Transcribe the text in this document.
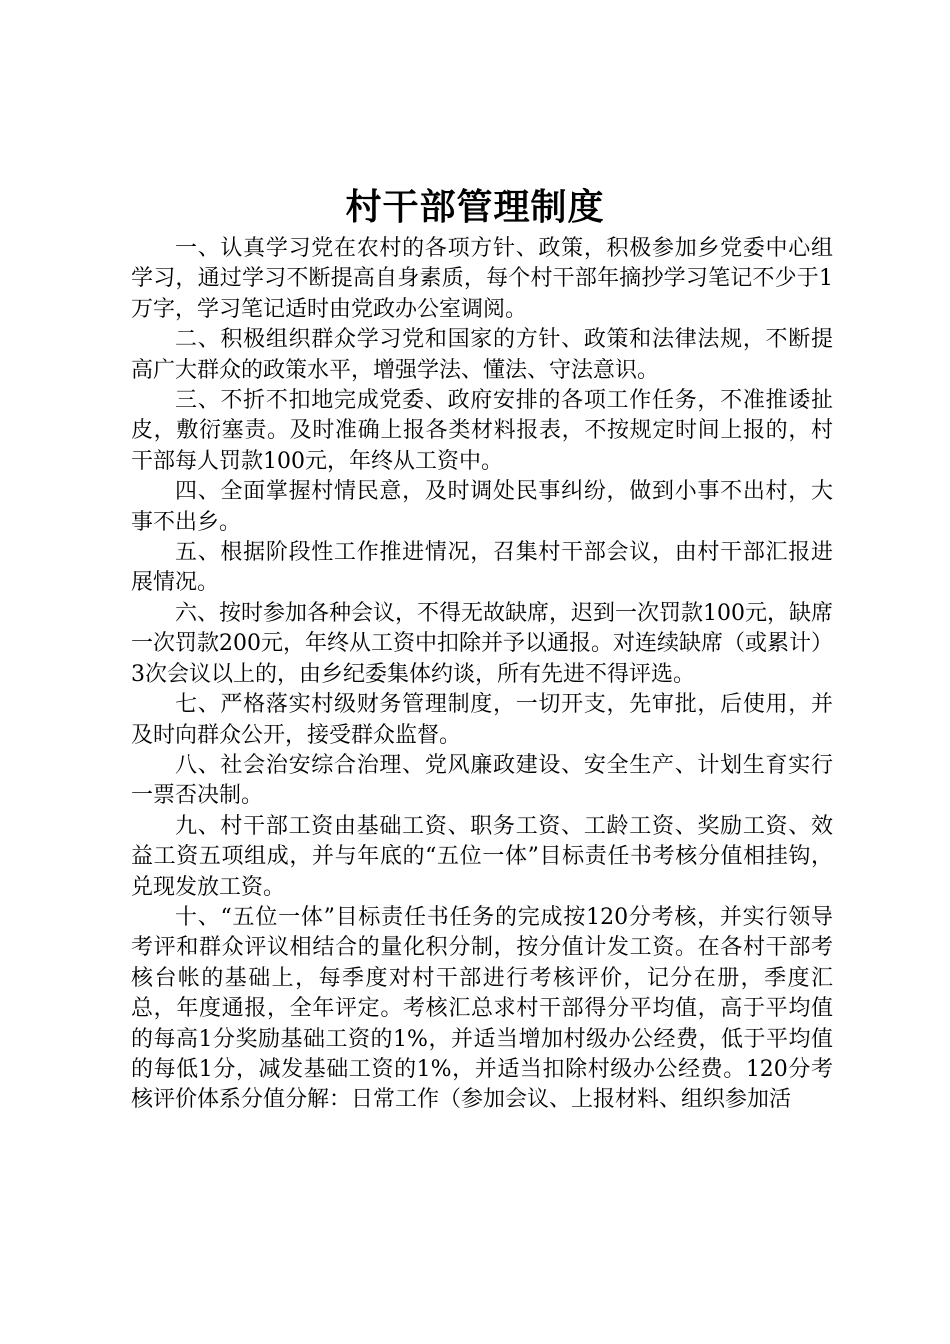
村干部管理制度

一、认真学习党在农村的各项方针、政策，积极参加乡党委中心组学习，通过学习不断提高自身素质，每个村干部年摘抄学习笔记不少于1万字，学习笔记适时由党政办公室调阅。

二、积极组织群众学习党和国家的方针、政策和法律法规，不断提高广大群众的政策水平，增强学法、懂法、守法意识。

三、不折不扣地完成党委、政府安排的各项工作任务，不准推诿扯皮，敷衍塞责。及时准确上报各类材料报表，不按规定时间上报的，村干部每人罚款100元，年终从工资中。

四、全面掌握村情民意，及时调处民事纠纷，做到小事不出村，大事不出乡。

五、根据阶段性工作推进情况，召集村干部会议，由村干部汇报进展情况。

六、按时参加各种会议，不得无故缺席，迟到一次罚款100元，缺席一次罚款200元，年终从工资中扣除并予以通报。对连续缺席（或累计）3次会议以上的，由乡纪委集体约谈，所有先进不得评选。

七、严格落实村级财务管理制度，一切开支，先审批，后使用，并及时向群众公开，接受群众监督。

八、社会治安综合治理、党风廉政建设、安全生产、计划生育实行一票否决制。

九、村干部工资由基础工资、职务工资、工龄工资、奖励工资、效益工资五项组成，并与年底的“五位一体”目标责任书考核分值相挂钩，兑现发放工资。

十、“五位一体”目标责任书任务的完成按120分考核，并实行领导考评和群众评议相结合的量化积分制，按分值计发工资。在各村干部考核台帐的基础上，每季度对村干部进行考核评价，记分在册，季度汇总，年度通报，全年评定。考核汇总求村干部得分平均值，高于平均值的每高1分奖励基础工资的1%，并适当增加村级办公经费，低于平均值的每低1分，减发基础工资的1%，并适当扣除村级办公经费。120分考核评价体系分值分解：日常工作（参加会议、上报材料、组织参加活
